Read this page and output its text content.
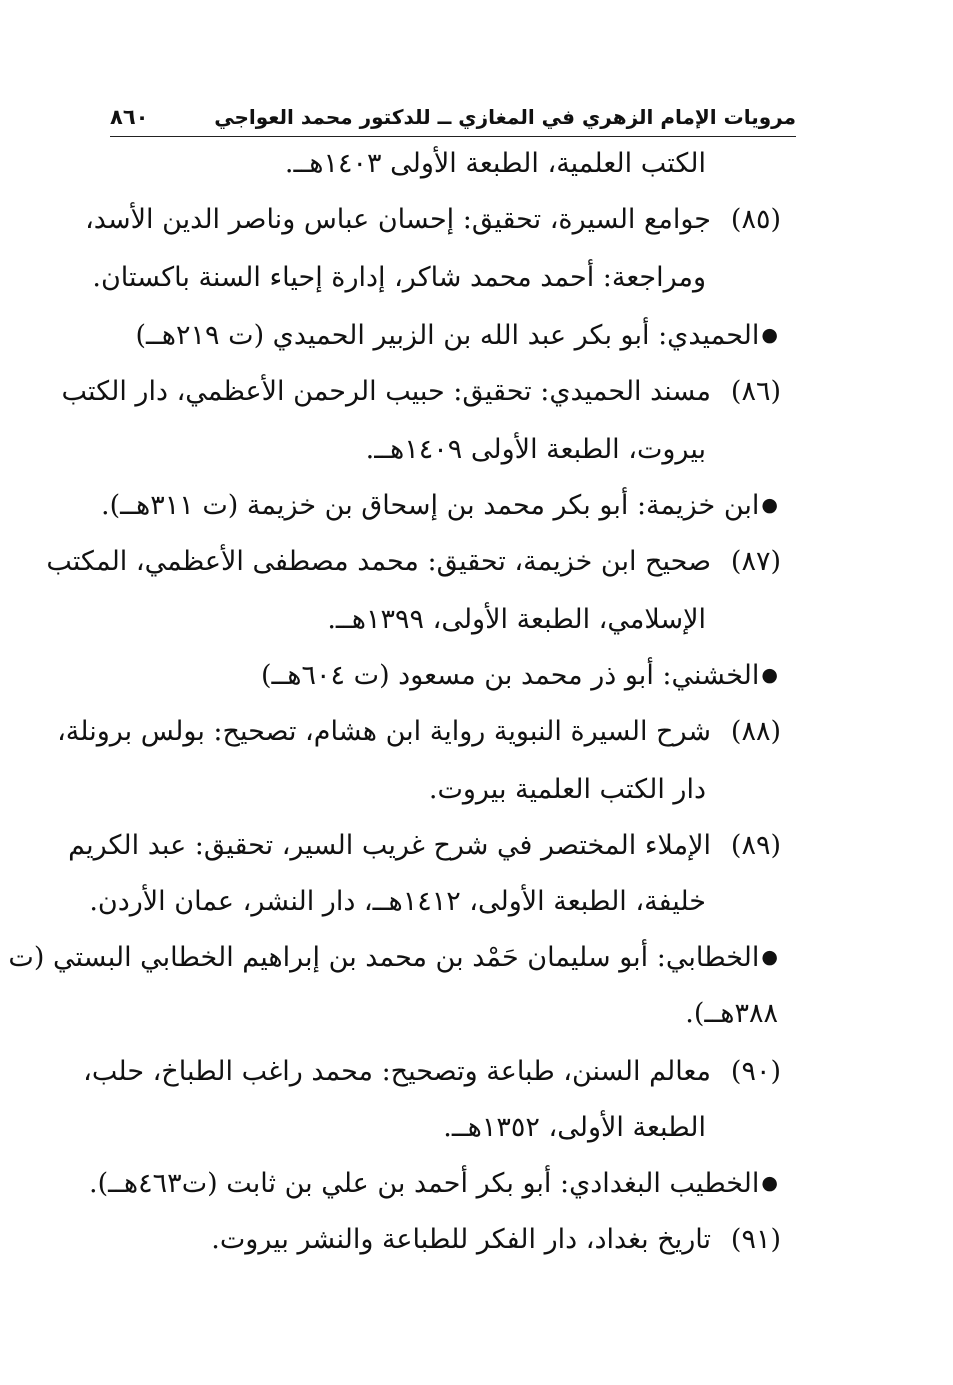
مرويات الإمام الزهري في المغازي ــ للدكتور محمد العواجي
٨٦٠
الكتب العلمية، الطبعة الأولى ١٤٠٣هــ.
(٨٥)جوامع السيرة، تحقيق: إحسان عباس وناصر الدين الأسد،
ومراجعة: أحمد محمد شاكر، إدارة إحياء السنة باكستان.
● الحميدي: أبو بكر عبد الله بن الزبير الحميدي (ت ٢١٩هــ)
(٨٦)مسند الحميدي: تحقيق: حبيب الرحمن الأعظمي، دار الكتب
بيروت، الطبعة الأولى ١٤٠٩هــ.
● ابن خزيمة: أبو بكر محمد بن إسحاق بن خزيمة (ت ٣١١هــ).
(٨٧)صحيح ابن خزيمة، تحقيق: محمد مصطفى الأعظمي، المكتب
الإسلامي، الطبعة الأولى، ١٣٩٩هــ.
● الخشني: أبو ذر محمد بن مسعود (ت ٦٠٤هــ)
(٨٨)شرح السيرة النبوية رواية ابن هشام، تصحيح: بولس برونلة،
دار الكتب العلمية بيروت.
(٨٩)الإملاء المختصر في شرح غريب السير، تحقيق: عبد الكريم
خليفة، الطبعة الأولى، ١٤١٢هــ، دار النشر، عمان الأردن.
● الخطابي: أبو سليمان حَمْد بن محمد بن إبراهيم الخطابي البستي (ت
٣٨٨هــ).
(٩٠)معالم السنن، طباعة وتصحيح: محمد راغب الطباخ، حلب،
الطبعة الأولى، ١٣٥٢هــ.
● الخطيب البغدادي: أبو بكر أحمد بن علي بن ثابت (ت٤٦٣هــ).
(٩١)تاريخ بغداد، دار الفكر للطباعة والنشر بيروت.
